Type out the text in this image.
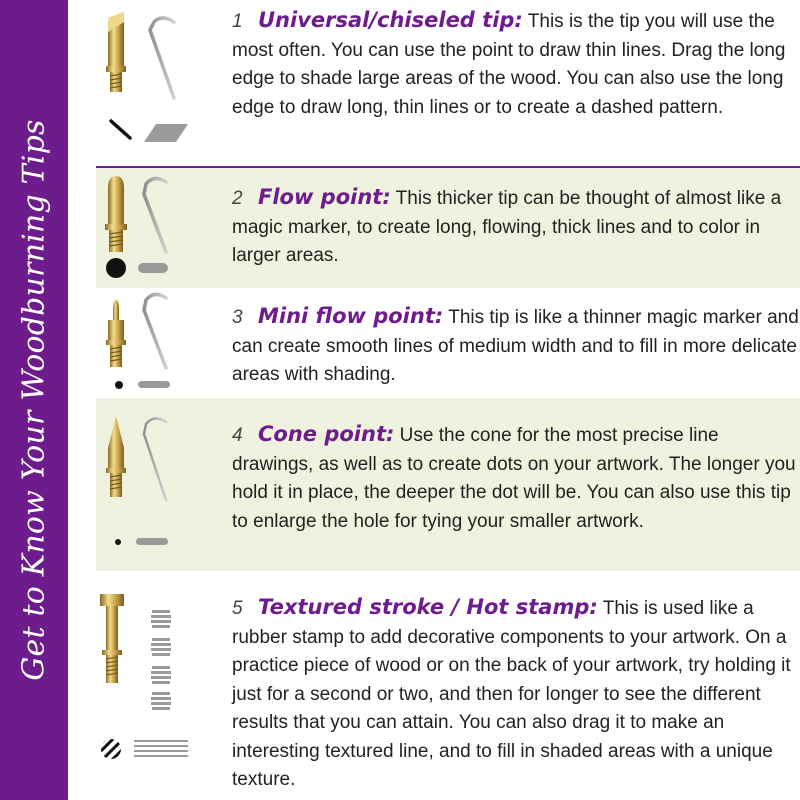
Get to Know Your Woodburning Tips
1 Universal/chiseled tip: This is the tip you will use the most often. You can use the point to draw thin lines. Drag the long edge to shade large areas of the wood. You can also use the long edge to draw long, thin lines or to create a dashed pattern.
2 Flow point: This thicker tip can be thought of almost like a magic marker, to create long, flowing, thick lines and to color in larger areas.
3 Mini flow point: This tip is like a thinner magic marker and can create smooth lines of medium width and to fill in more delicate areas with shading.
4 Cone point: Use the cone for the most precise line drawings, as well as to create dots on your artwork. The longer you hold it in place, the deeper the dot will be. You can also use this tip to enlarge the hole for tying your smaller artwork.
5 Textured stroke / Hot stamp: This is used like a rubber stamp to add decorative components to your artwork. On a practice piece of wood or on the back of your artwork, try holding it just for a second or two, and then for longer to see the different results that you can attain. You can also drag it to make an interesting textured line, and to fill in shaded areas with a unique texture.
